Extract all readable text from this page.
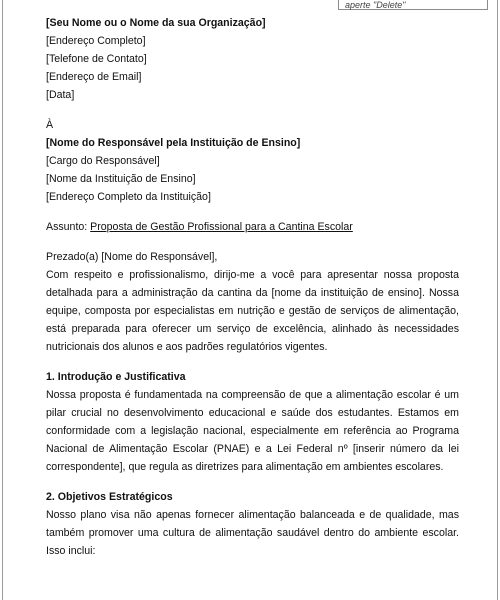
aperte "Delete"

[Seu Nome ou o Nome da sua Organização]

[Endereço Completo]

[Telefone de Contato]

[Endereço de Email]

[Data]

À

[Nome do Responsável pela Instituição de Ensino]

[Cargo do Responsável]

[Nome da Instituição de Ensino]

[Endereço Completo da Instituição]

Assunto: Proposta de Gestão Profissional para a Cantina Escolar

Prezado(a) [Nome do Responsável],

Com respeito e profissionalismo, dirijo-me a você para apresentar nossa proposta detalhada para a administração da cantina da [nome da instituição de ensino]. Nossa equipe, composta por especialistas em nutrição e gestão de serviços de alimentação, está preparada para oferecer um serviço de excelência, alinhado às necessidades nutricionais dos alunos e aos padrões regulatórios vigentes.

1. Introdução e Justificativa

Nossa proposta é fundamentada na compreensão de que a alimentação escolar é um pilar crucial no desenvolvimento educacional e saúde dos estudantes. Estamos em conformidade com a legislação nacional, especialmente em referência ao Programa Nacional de Alimentação Escolar (PNAE) e a Lei Federal nº [inserir número da lei correspondente], que regula as diretrizes para alimentação em ambientes escolares.

2. Objetivos Estratégicos

Nosso plano visa não apenas fornecer alimentação balanceada e de qualidade, mas também promover uma cultura de alimentação saudável dentro do ambiente escolar. Isso inclui:
